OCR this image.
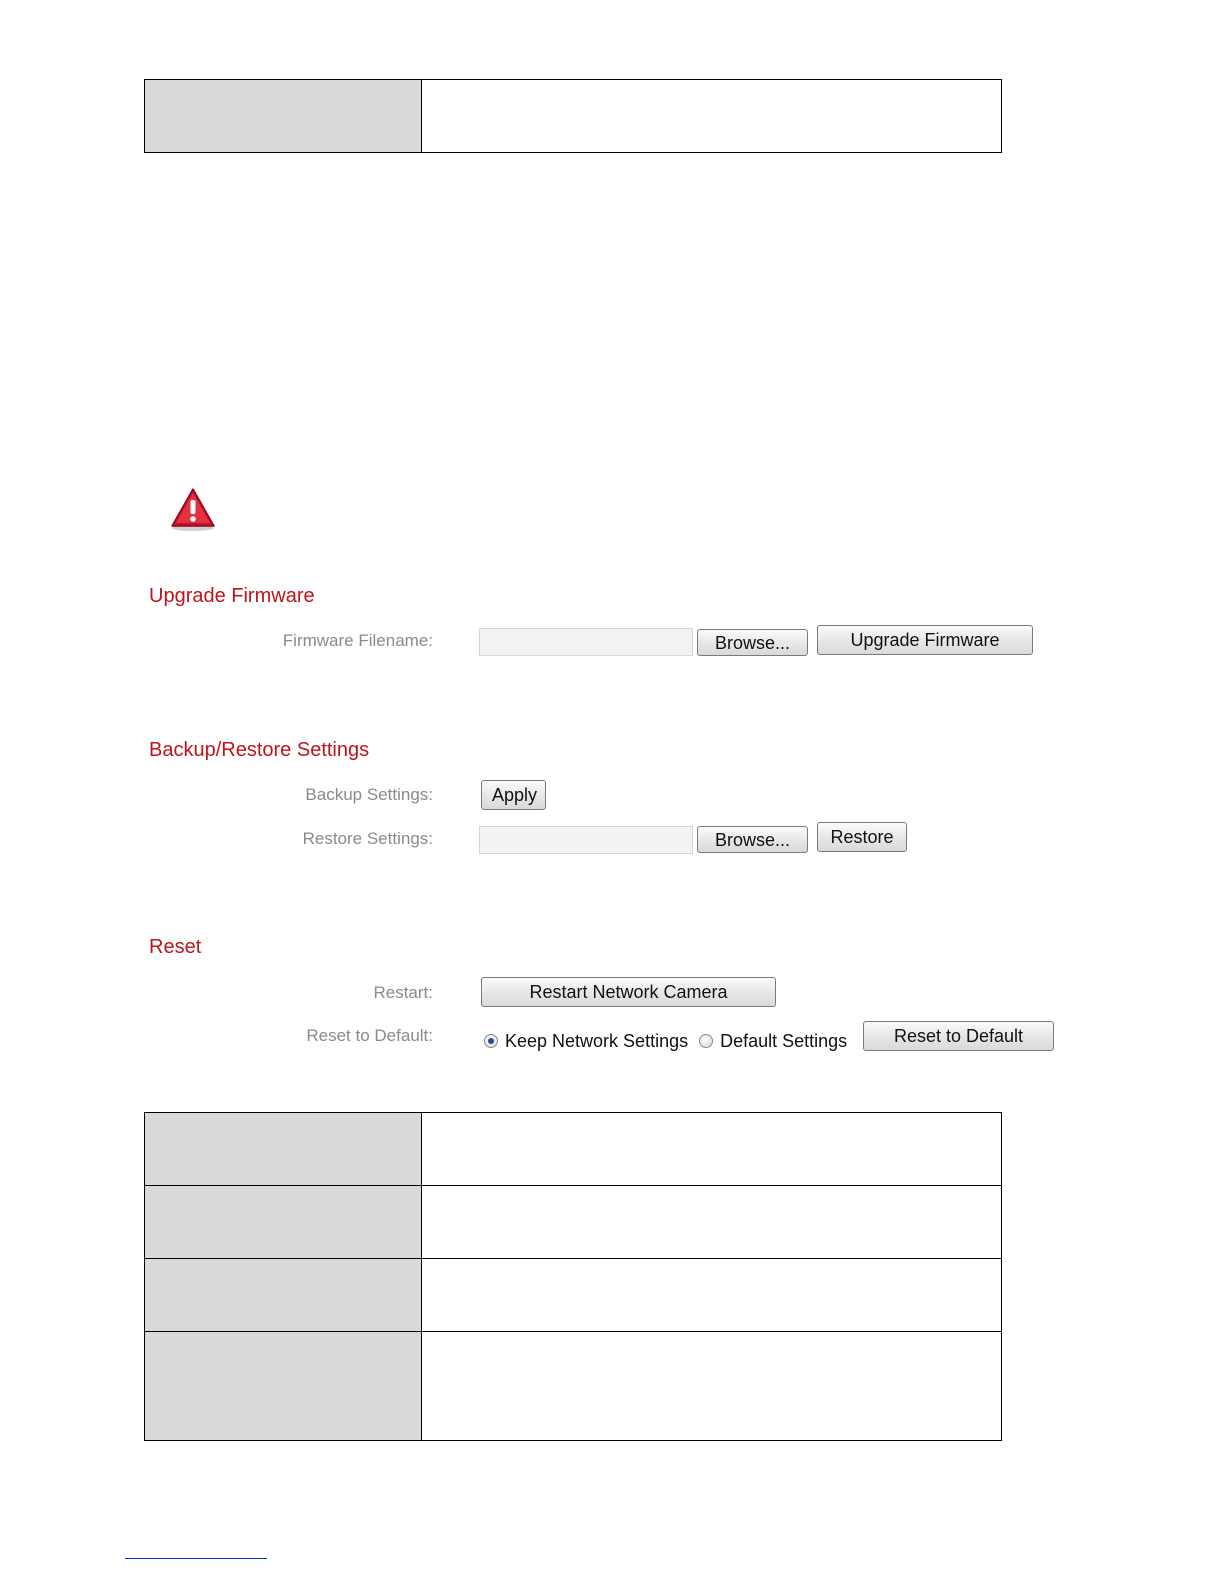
Upgrade Firmware
Firmware Filename:	Browse...	Upgrade Firmware
Backup/Restore Settings
Backup Settings:	Apply
Restore Settings:	Browse...	Restore
Reset
Restart:	Restart Network Camera
Reset to Default:	Keep Network Settings Default Settings	Reset to Default
